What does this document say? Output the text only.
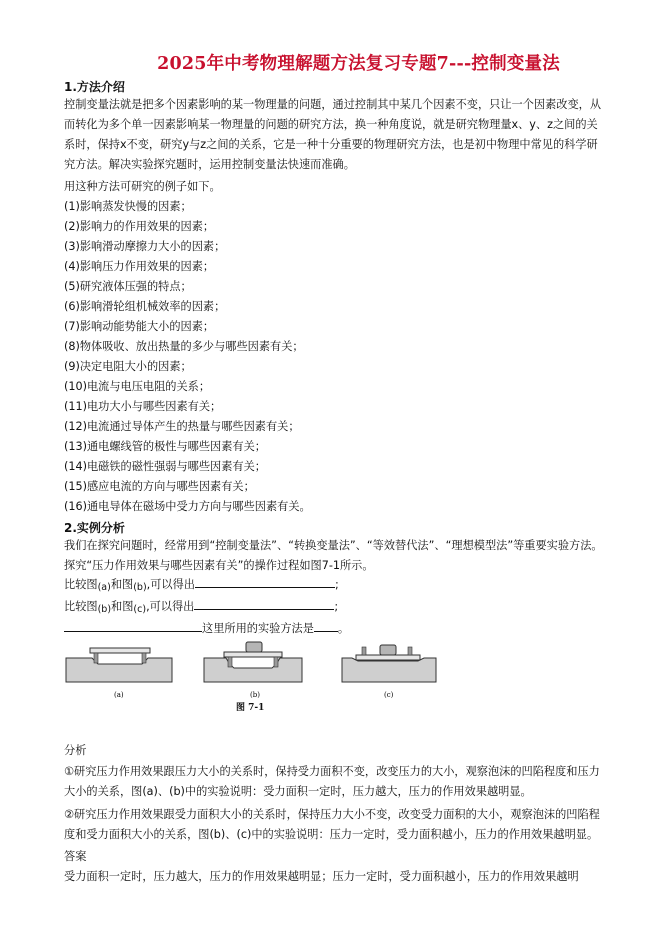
2025年中考物理解题方法复习专题7---控制变量法
1.方法介绍
控制变量法就是把多个因素影响的某一物理量的问题，通过控制其中某几个因素不变，只让一个因素改变，从而转化为多个单一因素影响某一物理量的问题的研究方法，换一种角度说，就是研究物理量x、y、z之间的关系时，保持x不变，研究y与z之间的关系，它是一种十分重要的物理研究方法，也是初中物理中常见的科学研究方法。解决实验探究题时，运用控制变量法快速而准确。
用这种方法可研究的例子如下。
(1)影响蒸发快慢的因素；
(2)影响力的作用效果的因素；
(3)影响滑动摩擦力大小的因素；
(4)影响压力作用效果的因素；
(5)研究液体压强的特点；
(6)影响滑轮组机械效率的因素；
(7)影响动能势能大小的因素；
(8)物体吸收、放出热量的多少与哪些因素有关；
(9)决定电阻大小的因素；
(10)电流与电压电阻的关系；
(11)电功大小与哪些因素有关；
(12)电流通过导体产生的热量与哪些因素有关；
(13)通电螺线管的极性与哪些因素有关；
(14)电磁铁的磁性强弱与哪些因素有关；
(15)感应电流的方向与哪些因素有关；
(16)通电导体在磁场中受力方向与哪些因素有关。
2.实例分析
我们在探究问题时，经常用到“控制变量法”、“转换变量法”、“等效替代法”、“理想模型法”等重要实验方法。探究“压力作用效果与哪些因素有关”的操作过程如图7-1所示。
比较图(a)和图(b),可以得出	;
比较图(b)和图(c),可以得出	;
这里所用的实验方法是 。
(a)	(b)	(c)
图 7-1
分析
①研究压力作用效果跟压力大小的关系时，保持受力面积不变，改变压力的大小，观察泡沫的凹陷程度和压力大小的关系，图(a)、(b)中的实验说明：受力面积一定时，压力越大，压力的作用效果越明显。
②研究压力作用效果跟受力面积大小的关系时，保持压力大小不变，改变受力面积的大小，观察泡沫的凹陷程度和受力面积大小的关系，图(b)、(c)中的实验说明：压力一定时，受力面积越小，压力的作用效果越明显。
答案
受力面积一定时，压力越大，压力的作用效果越明显；压力一定时，受力面积越小，压力的作用效果越明
